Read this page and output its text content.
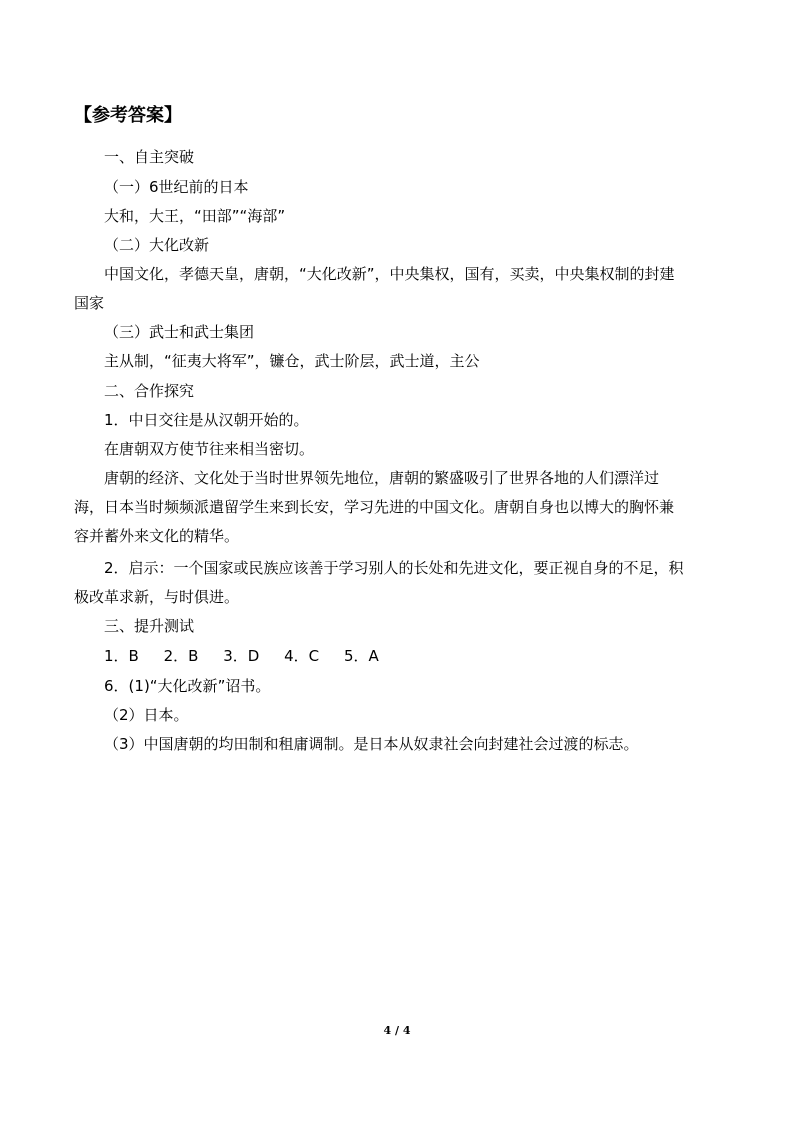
【参考答案】
一、自主突破
（一）6世纪前的日本
大和，大王，“田部”“海部”
（二）大化改新
中国文化，孝德天皇，唐朝，“大化改新”，中央集权，国有，买卖，中央集权制的封建
国家
（三）武士和武士集团
主从制，“征夷大将军”，镰仓，武士阶层，武士道，主公
二、合作探究
1．中日交往是从汉朝开始的。
在唐朝双方使节往来相当密切。
唐朝的经济、文化处于当时世界领先地位，唐朝的繁盛吸引了世界各地的人们漂洋过
海，日本当时频频派遣留学生来到长安，学习先进的中国文化。唐朝自身也以博大的胸怀兼
容并蓄外来文化的精华。
2．启示：一个国家或民族应该善于学习别人的长处和先进文化，要正视自身的不足，积
极改革求新，与时俱进。
三、提升测试
1．B 2．B 3．D 4．C 5．A
6．(1)“大化改新”诏书。
（2）日本。
（3）中国唐朝的均田制和租庸调制。是日本从奴隶社会向封建社会过渡的标志。
4 / 4
